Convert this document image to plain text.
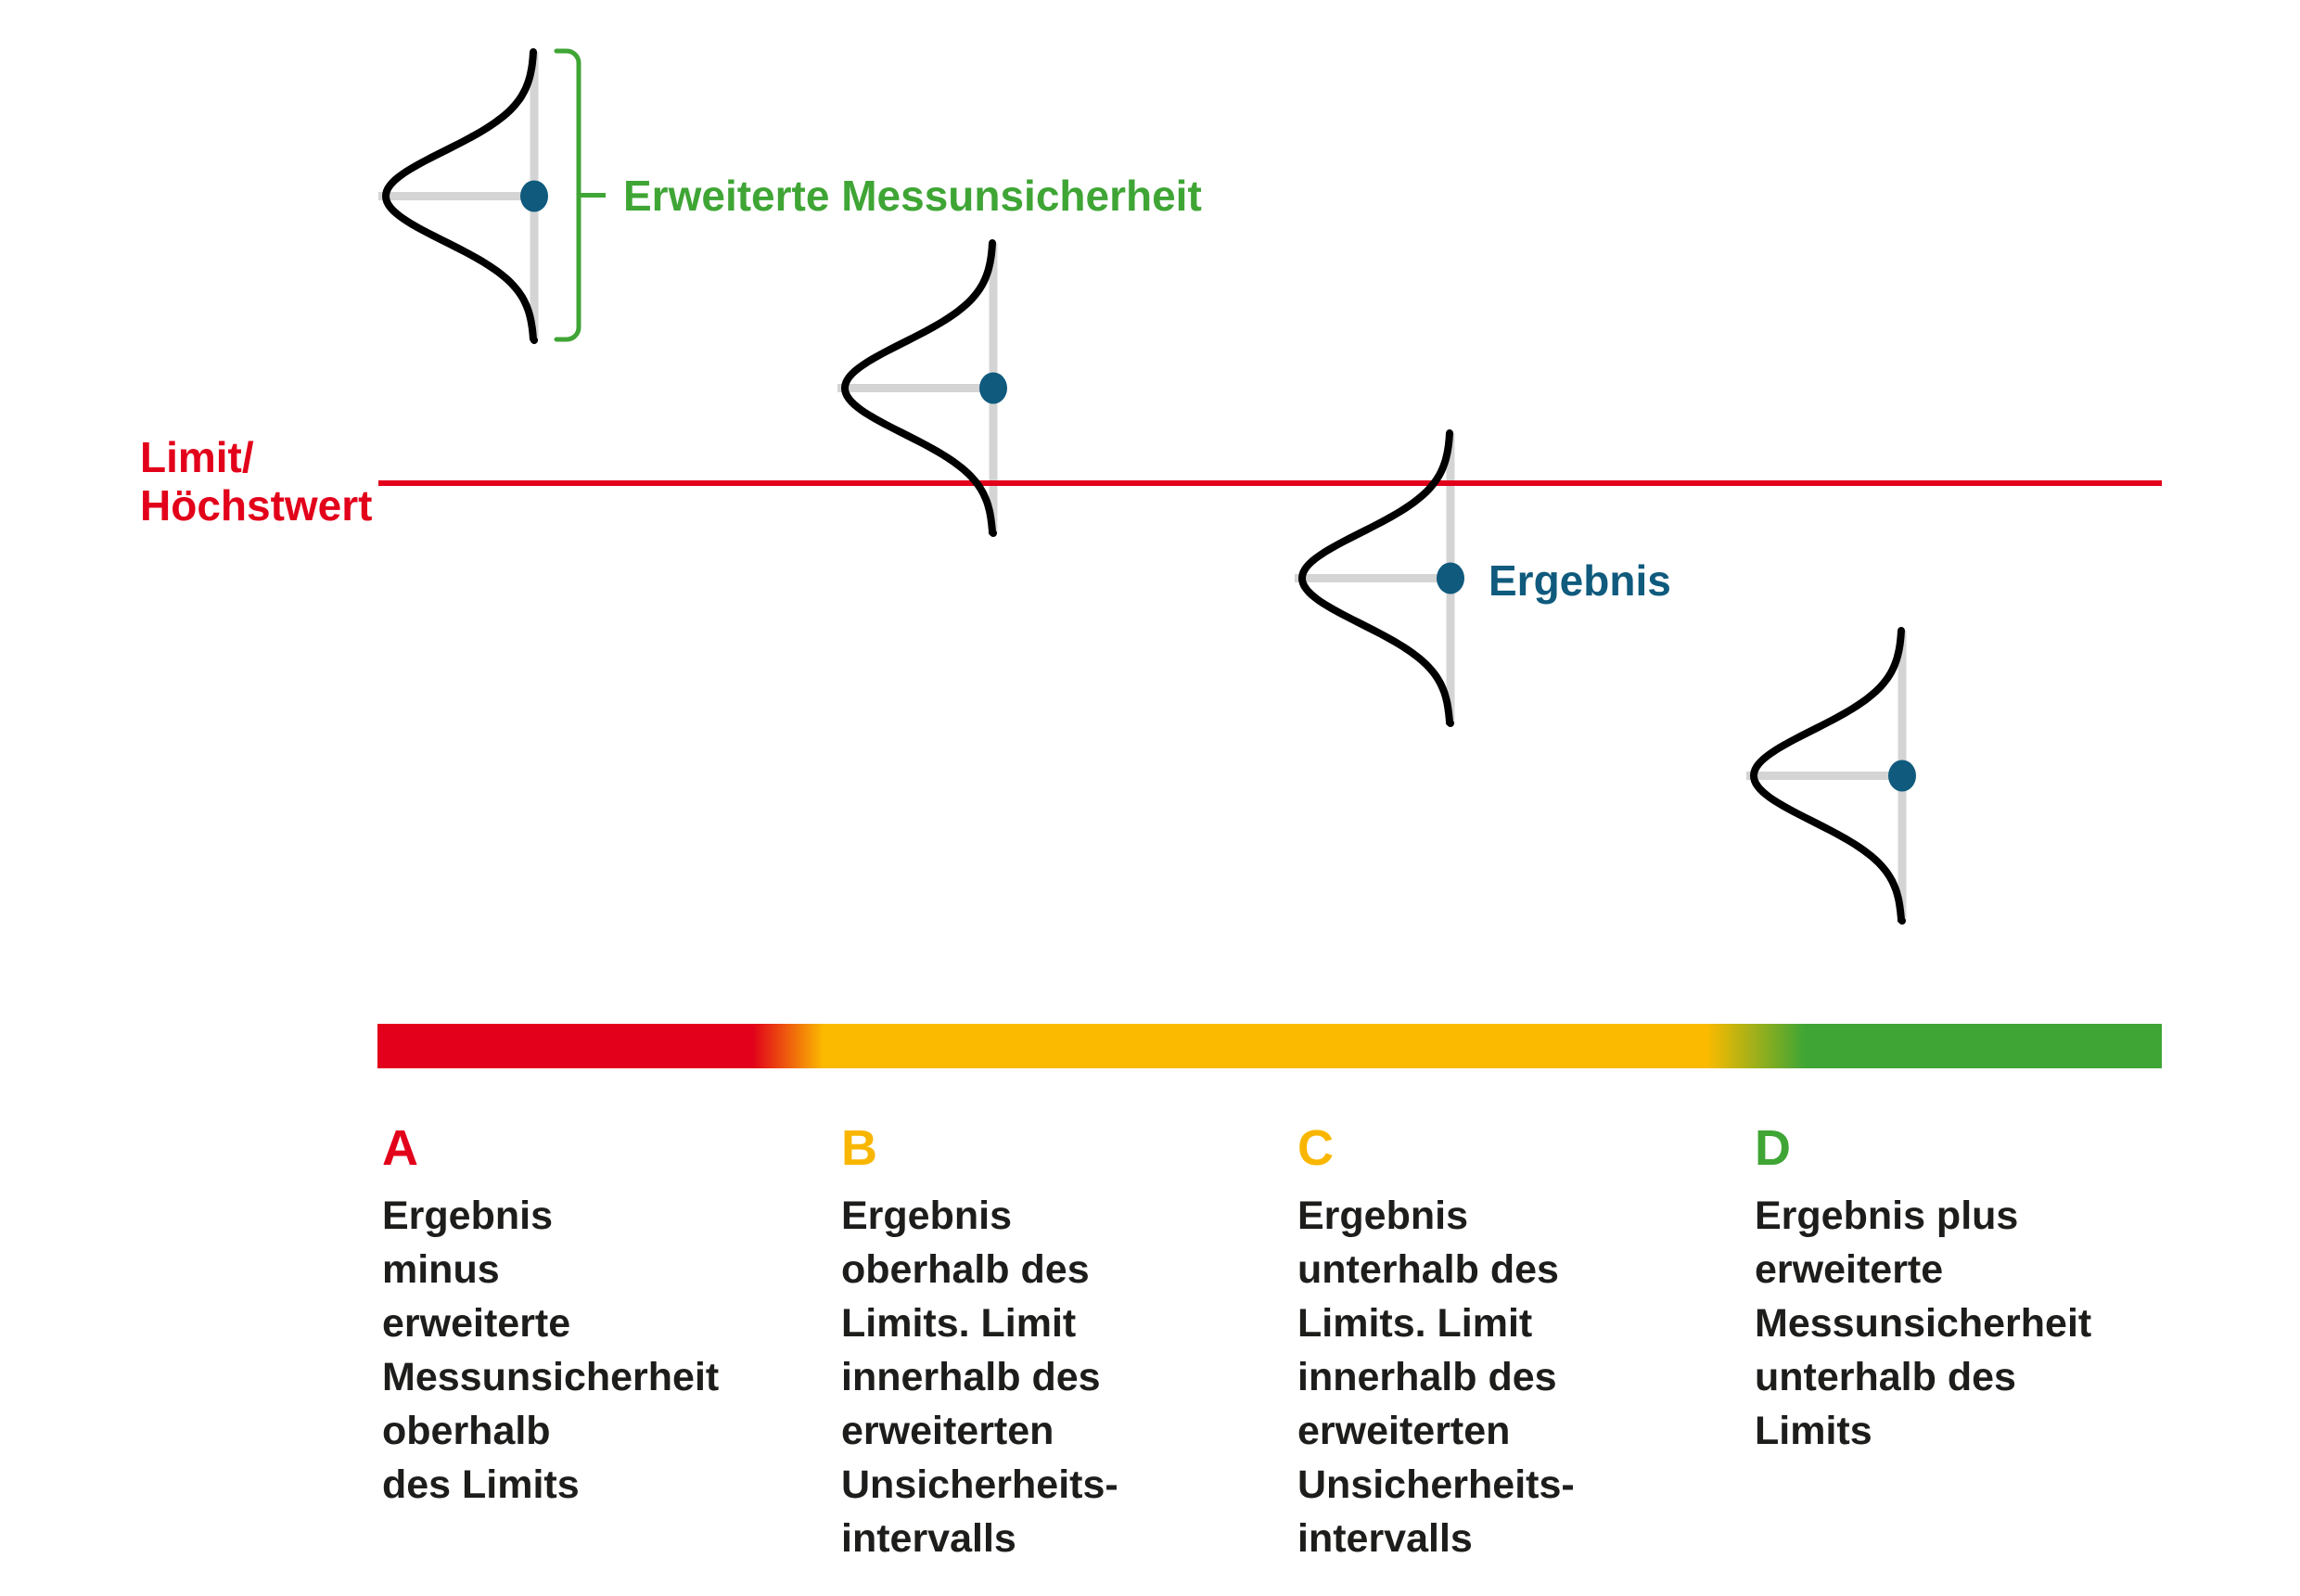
Limit/
Höchstwert
Erweiterte Messunsicherheit
Ergebnis
A
Ergebnis
minus
erweiterte
Messunsicherheit
oberhalb
des Limits
B
Ergebnis
oberhalb des
Limits. Limit
innerhalb des
erweiterten
Unsicherheits-
intervalls
C
Ergebnis
unterhalb des
Limits. Limit
innerhalb des
erweiterten
Unsicherheits-
intervalls
D
Ergebnis plus
erweiterte
Messunsicherheit
unterhalb des
Limits
